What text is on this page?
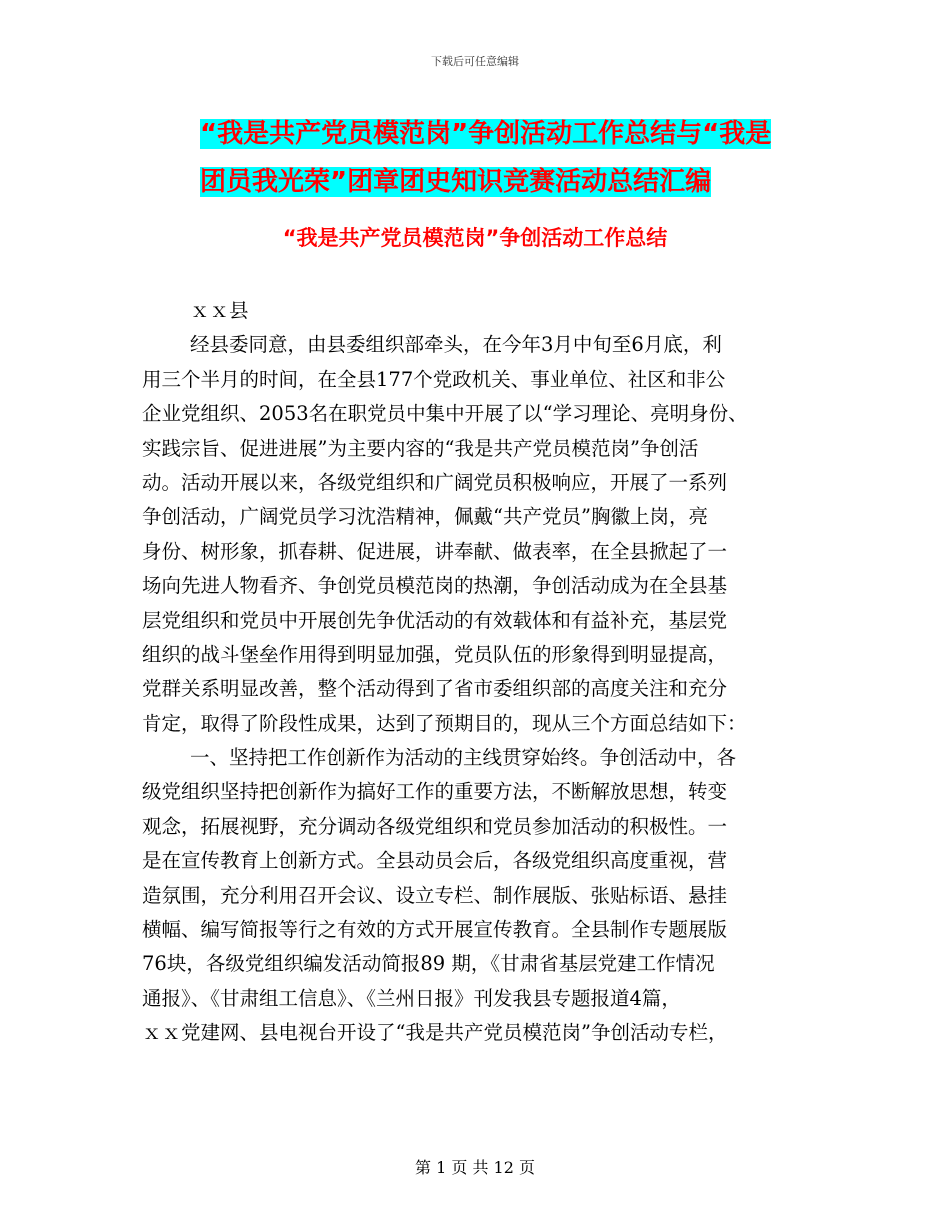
下载后可任意编辑
“我是共产党员模范岗”争创活动工作总结与“我是
团员我光荣”团章团史知识竞赛活动总结汇编
“我是共产党员模范岗”争创活动工作总结
ｘｘ县
经县委同意，由县委组织部牵头，在今年3月中旬至6月底，利
用三个半月的时间，在全县177个党政机关、事业单位、社区和非公
企业党组织、2053名在职党员中集中开展了以“学习理论、亮明身份、
实践宗旨、促进进展”为主要内容的“我是共产党员模范岗”争创活
动。活动开展以来，各级党组织和广阔党员积极响应，开展了一系列
争创活动，广阔党员学习沈浩精神，佩戴“共产党员”胸徽上岗，亮
身份、树形象，抓春耕、促进展，讲奉献、做表率，在全县掀起了一
场向先进人物看齐、争创党员模范岗的热潮，争创活动成为在全县基
层党组织和党员中开展创先争优活动的有效载体和有益补充，基层党
组织的战斗堡垒作用得到明显加强，党员队伍的形象得到明显提高，
党群关系明显改善，整个活动得到了省市委组织部的高度关注和充分
肯定，取得了阶段性成果，达到了预期目的，现从三个方面总结如下：
一、坚持把工作创新作为活动的主线贯穿始终。争创活动中，各
级党组织坚持把创新作为搞好工作的重要方法，不断解放思想，转变
观念，拓展视野，充分调动各级党组织和党员参加活动的积极性。一
是在宣传教育上创新方式。全县动员会后，各级党组织高度重视，营
造氛围，充分利用召开会议、设立专栏、制作展版、张贴标语、悬挂
横幅、编写简报等行之有效的方式开展宣传教育。全县制作专题展版
76块，各级党组织编发活动简报89 期，《甘肃省基层党建工作情况
通报》、《甘肃组工信息》、《兰州日报》刊发我县专题报道4篇，
ｘｘ党建网、县电视台开设了“我是共产党员模范岗”争创活动专栏，
第 1 页 共 12 页
